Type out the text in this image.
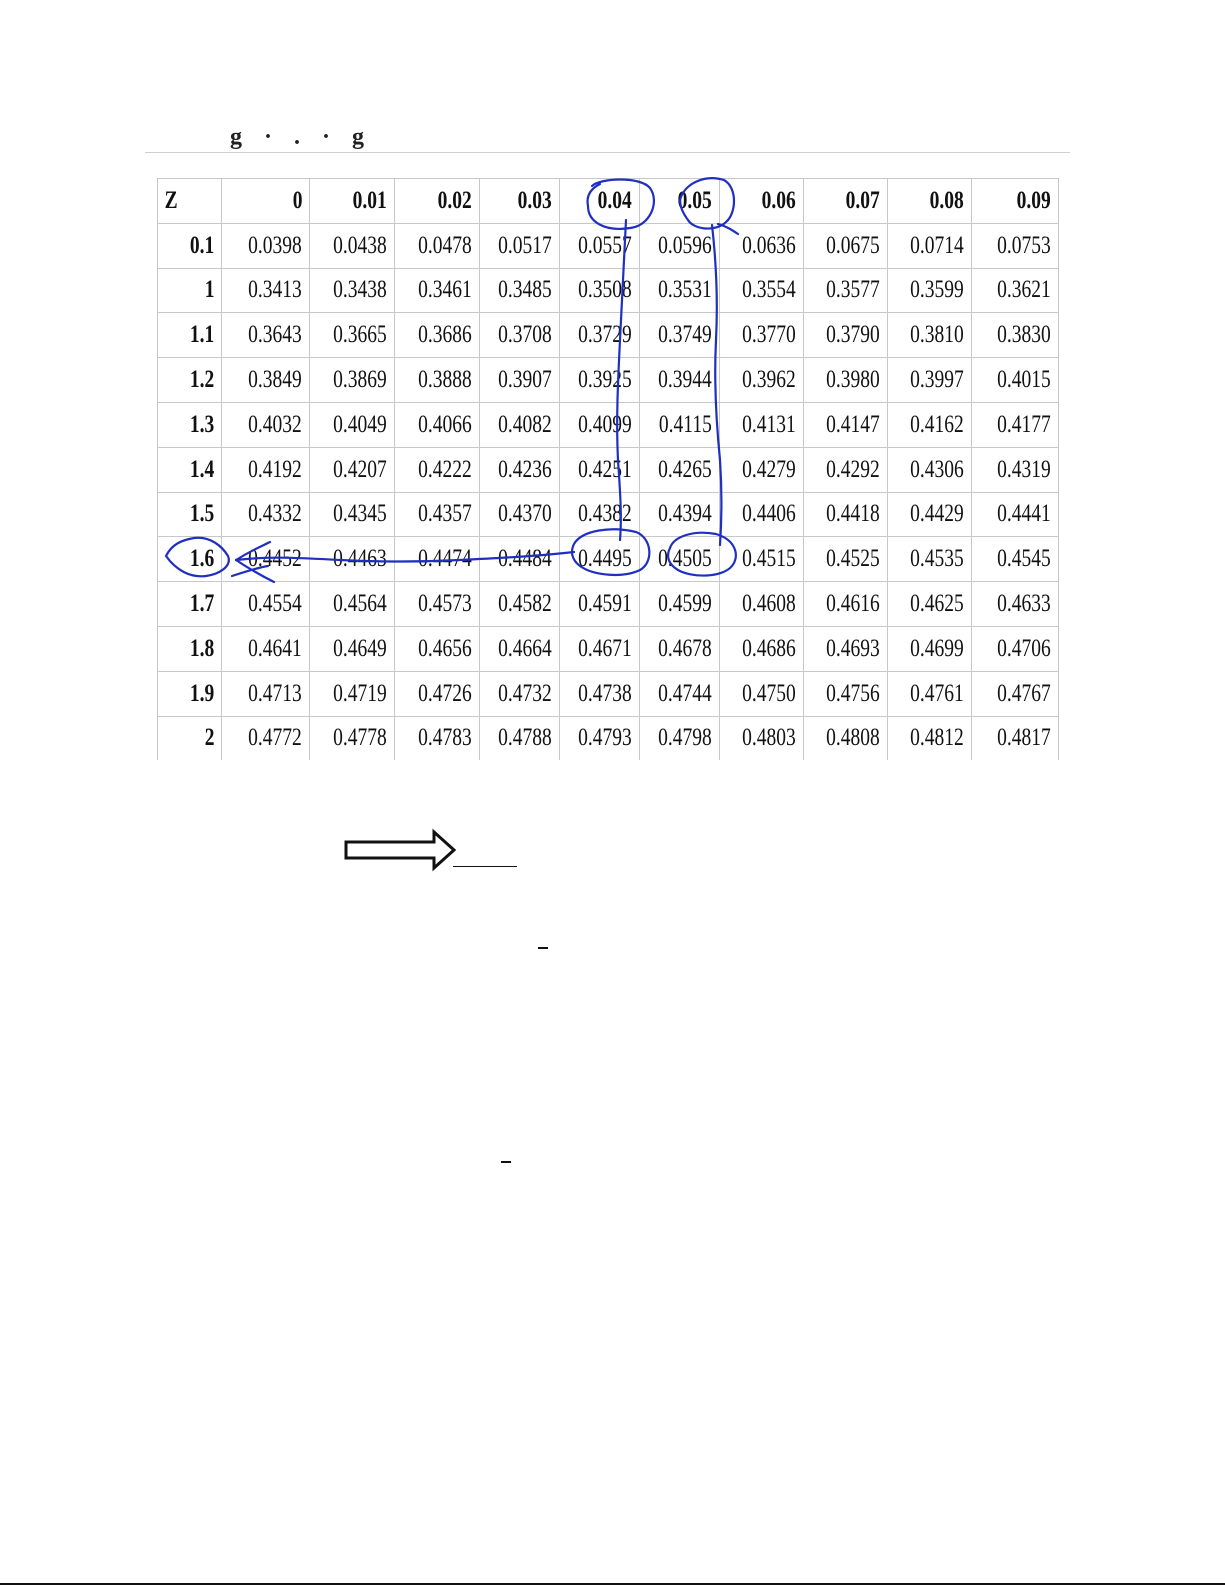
g · . · g
Z	0	0.01	0.02	0.03	0.04	0.05	0.06	0.07	0.08	0.09
0.1	0.0398	0.0438	0.0478	0.0517	0.0557	0.0596	0.0636	0.0675	0.0714	0.0753
1	0.3413	0.3438	0.3461	0.3485	0.3508	0.3531	0.3554	0.3577	0.3599	0.3621
1.1	0.3643	0.3665	0.3686	0.3708	0.3729	0.3749	0.3770	0.3790	0.3810	0.3830
1.2	0.3849	0.3869	0.3888	0.3907	0.3925	0.3944	0.3962	0.3980	0.3997	0.4015
1.3	0.4032	0.4049	0.4066	0.4082	0.4099	0.4115	0.4131	0.4147	0.4162	0.4177
1.4	0.4192	0.4207	0.4222	0.4236	0.4251	0.4265	0.4279	0.4292	0.4306	0.4319
1.5	0.4332	0.4345	0.4357	0.4370	0.4382	0.4394	0.4406	0.4418	0.4429	0.4441
1.6	0.4452	0.4463	0.4474	0.4484	0.4495	0.4505	0.4515	0.4525	0.4535	0.4545
1.7	0.4554	0.4564	0.4573	0.4582	0.4591	0.4599	0.4608	0.4616	0.4625	0.4633
1.8	0.4641	0.4649	0.4656	0.4664	0.4671	0.4678	0.4686	0.4693	0.4699	0.4706
1.9	0.4713	0.4719	0.4726	0.4732	0.4738	0.4744	0.4750	0.4756	0.4761	0.4767
2	0.4772	0.4778	0.4783	0.4788	0.4793	0.4798	0.4803	0.4808	0.4812	0.4817
